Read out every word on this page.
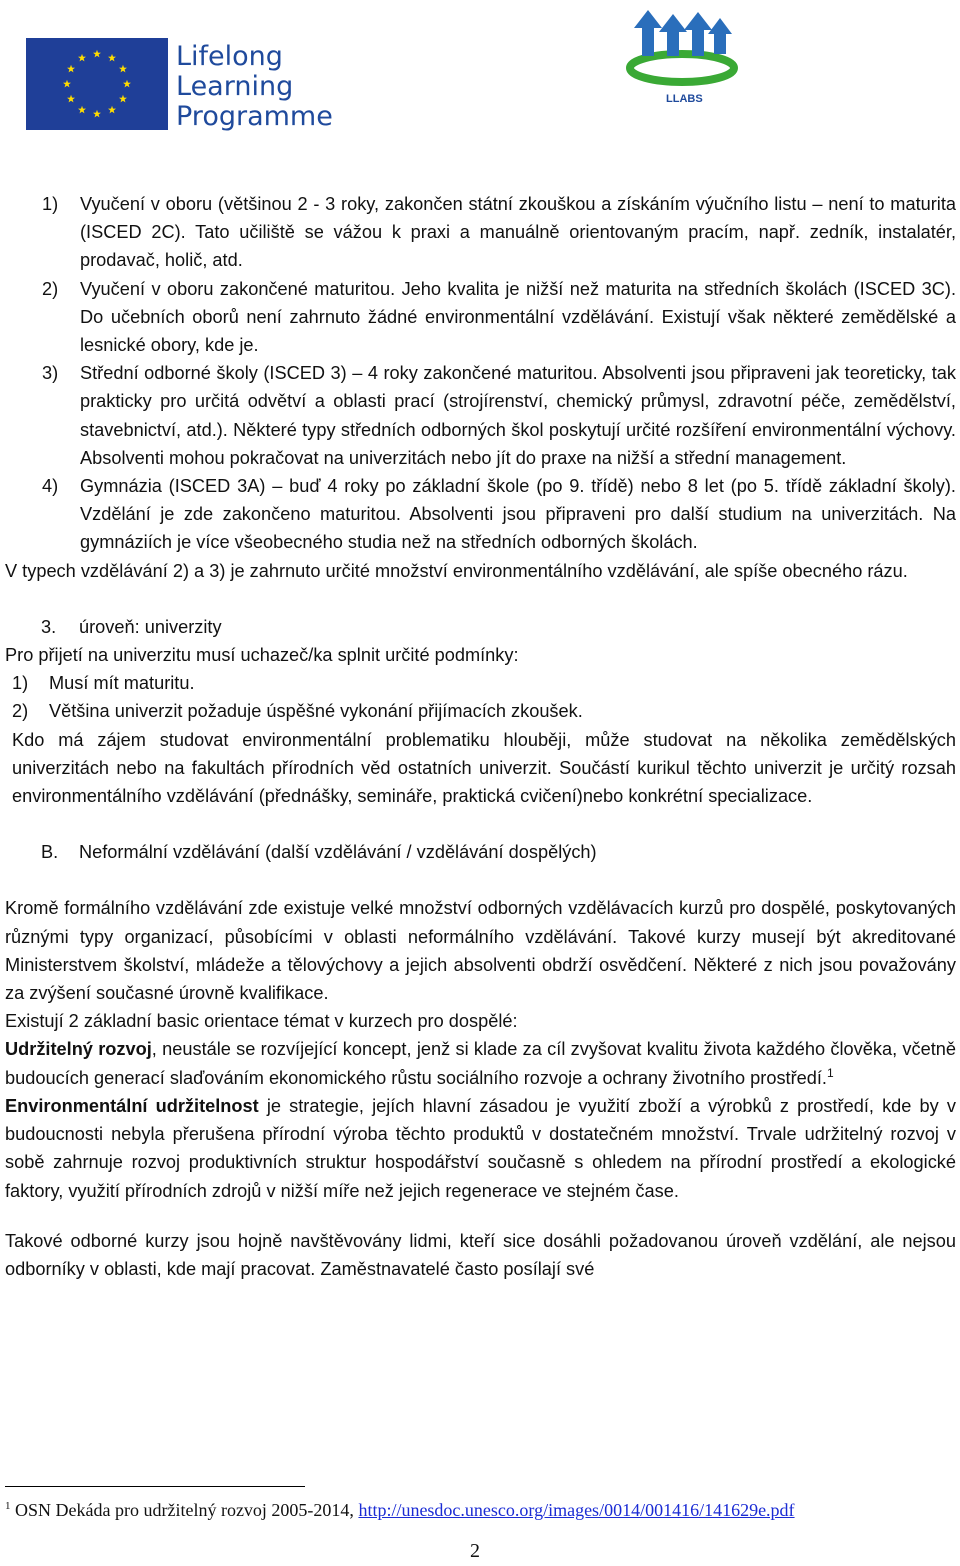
Lifelong
Learning
Programme
LLABS

1) Vyučení v oboru (většinou 2 - 3 roky, zakončen státní zkouškou a získáním výučního listu – není to maturita (ISCED 2C). Tato učiliště se vážou k praxi a manuálně orientovaným pracím, např. zedník, instalatér, prodavač, holič, atd.

2) Vyučení v oboru zakončené maturitou. Jeho kvalita je nižší než maturita na středních školách (ISCED 3C). Do učebních oborů není zahrnuto žádné environmentální vzdělávání. Existují však některé zemědělské a lesnické obory, kde je.

3) Střední odborné školy (ISCED 3) – 4 roky zakončené maturitou. Absolventi jsou připraveni jak teoreticky, tak prakticky pro určitá odvětví a oblasti prací (strojírenství, chemický průmysl, zdravotní péče, zemědělství, stavebnictví, atd.). Některé typy středních odborných škol poskytují určité rozšíření environmentální výchovy. Absolventi mohou pokračovat na univerzitách nebo jít do praxe na nižší a střední management.

4) Gymnázia (ISCED 3A) – buď 4 roky po základní škole (po 9. třídě) nebo 8 let (po 5. třídě základní školy). Vzdělání je zde zakončeno maturitou. Absolventi jsou připraveni pro další studium na univerzitách. Na gymnáziích je více všeobecného studia než na středních odborných školách.

V typech vzdělávání 2) a 3) je zahrnuto určité množství environmentálního vzdělávání, ale spíše obecného rázu.

3. úroveň: univerzity

Pro přijetí na univerzitu musí uchazeč/ka splnit určité podmínky:

1) Musí mít maturitu.

2) Většina univerzit požaduje úspěšné vykonání přijímacích zkoušek.

Kdo má zájem studovat environmentální problematiku hlouběji, může studovat na několika zemědělských univerzitách nebo na fakultách přírodních věd ostatních univerzit. Součástí kurikul těchto univerzit je určitý rozsah environmentálního vzdělávání (přednášky, semináře, praktická cvičení)nebo konkrétní specializace.

B. Neformální vzdělávání (další vzdělávání / vzdělávání dospělých)

Kromě formálního vzdělávání zde existuje velké množství odborných vzdělávacích kurzů pro dospělé, poskytovaných různými typy organizací, působícími v oblasti neformálního vzdělávání. Takové kurzy musejí být akreditované Ministerstvem školství, mládeže a tělovýchovy a jejich absolventi obdrží osvědčení. Některé z nich jsou považovány za zvýšení současné úrovně kvalifikace.

Existují 2 základní basic orientace témat v kurzech pro dospělé:

Udržitelný rozvoj, neustále se rozvíjející koncept, jenž si klade za cíl zvyšovat kvalitu života každého člověka, včetně budoucích generací slaďováním ekonomického růstu sociálního rozvoje a ochrany životního prostředí.$^1$

Environmentální udržitelnost je strategie, jejích hlavní zásadou je využití zboží a výrobků z prostředí, kde by v budoucnosti nebyla přerušena přírodní výroba těchto produktů v dostatečném množství. Trvale udržitelný rozvoj v sobě zahrnuje rozvoj produktivních struktur hospodářství současně s ohledem na přírodní prostředí a ekologické faktory, využití přírodních zdrojů v nižší míře než jejich regenerace ve stejném čase.

Takové odborné kurzy jsou hojně navštěvovány lidmi, kteří sice dosáhli požadovanou úroveň vzdělání, ale nejsou odborníky v oblasti, kde mají pracovat. Zaměstnavatelé často posílají své

$^1$ OSN Dekáda pro udržitelný rozvoj 2005-2014, http://unesdoc.unesco.org/images/0014/001416/141629e.pdf
2
